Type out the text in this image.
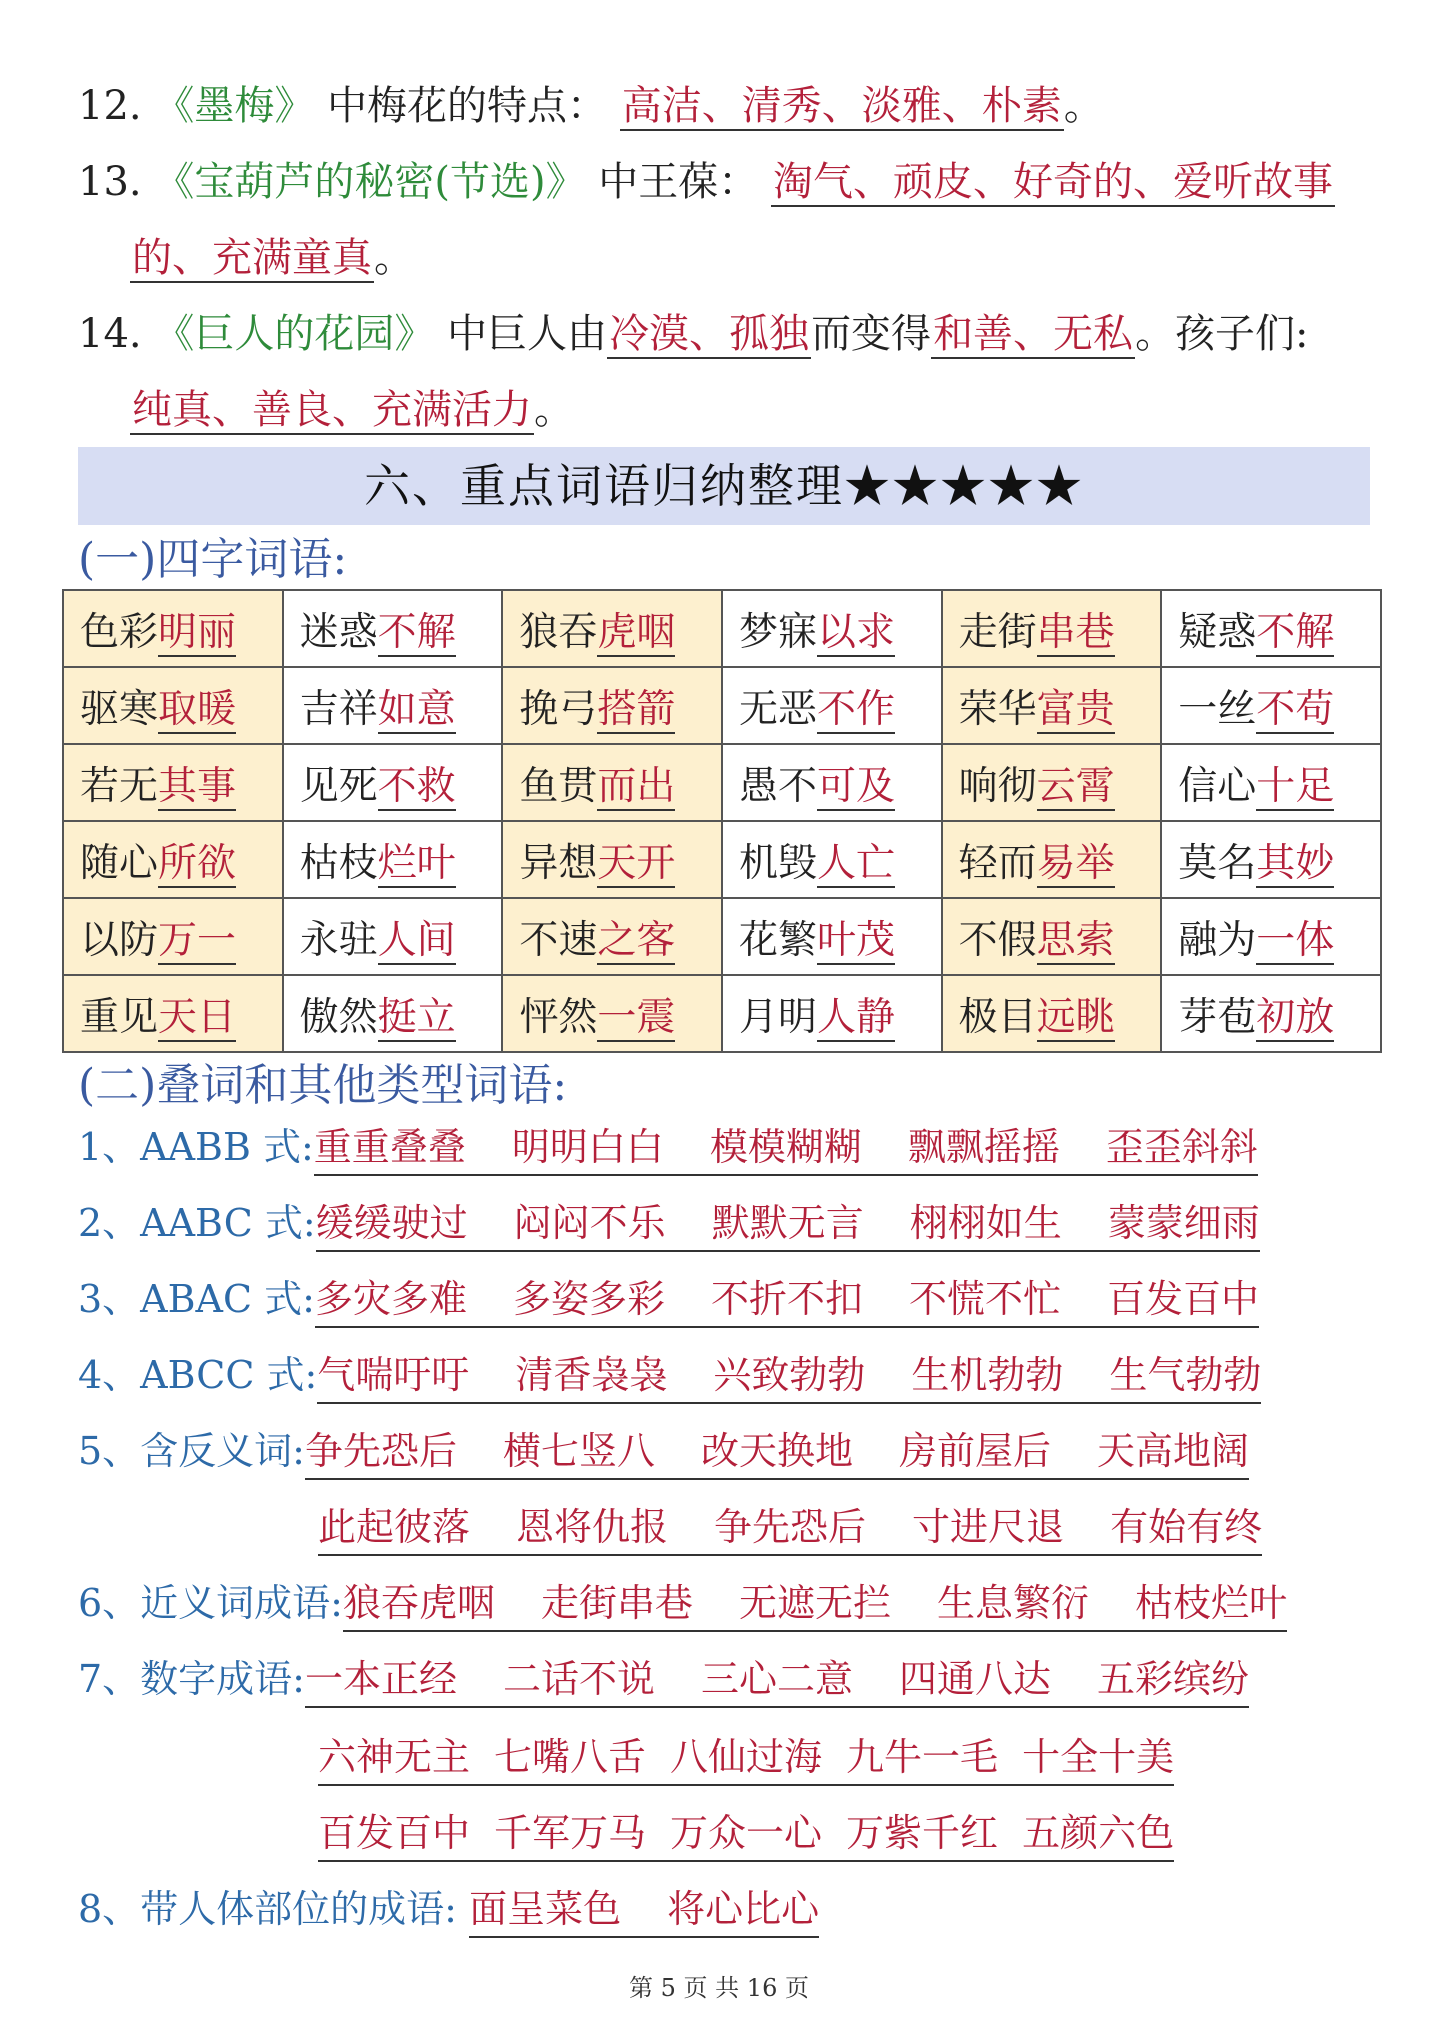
12. 《墨梅》 中梅花的特点： 高洁、清秀、淡雅、朴素。
13. 《宝葫芦的秘密(节选)》 中王葆： 淘气、顽皮、好奇的、爱听故事
的、充满童真。
14. 《巨人的花园》 中巨人由冷漠、孤独而变得和善、无私。孩子们:
纯真、善良、充满活力。
六、重点词语归纳整理★★★★★
(一)四字词语:
色彩明丽	迷惑不解	狼吞虎咽	梦寐以求	走街串巷	疑惑不解
驱寒取暖	吉祥如意	挽弓搭箭	无恶不作	荣华富贵	一丝不苟
若无其事	见死不救	鱼贯而出	愚不可及	响彻云霄	信心十足
随心所欲	枯枝烂叶	异想天开	机毁人亡	轻而易举	莫名其妙
以防万一	永驻人间	不速之客	花繁叶茂	不假思索	融为一体
重见天日	傲然挺立	怦然一震	月明人静	极目远眺	芽苞初放
(二)叠词和其他类型词语:
1、AABB 式:重重叠叠 明明白白 模模糊糊 飘飘摇摇 歪歪斜斜
2、AABC 式:缓缓驶过 闷闷不乐 默默无言 栩栩如生 蒙蒙细雨
3、ABAC 式:多灾多难 多姿多彩 不折不扣 不慌不忙 百发百中
4、ABCC 式:气喘吁吁 清香袅袅 兴致勃勃 生机勃勃 生气勃勃
5、含反义词:争先恐后 横七竖八 改天换地 房前屋后 天高地阔
此起彼落 恩将仇报 争先恐后 寸进尺退 有始有终
6、近义词成语:狼吞虎咽 走街串巷 无遮无拦 生息繁衍 枯枝烂叶
7、数字成语:一本正经 二话不说 三心二意 四通八达 五彩缤纷
六神无主 七嘴八舌 八仙过海 九牛一毛 十全十美
百发百中 千军万马 万众一心 万紫千红 五颜六色
8、带人体部位的成语: 面呈菜色 将心比心
第 5 页 共 16 页
